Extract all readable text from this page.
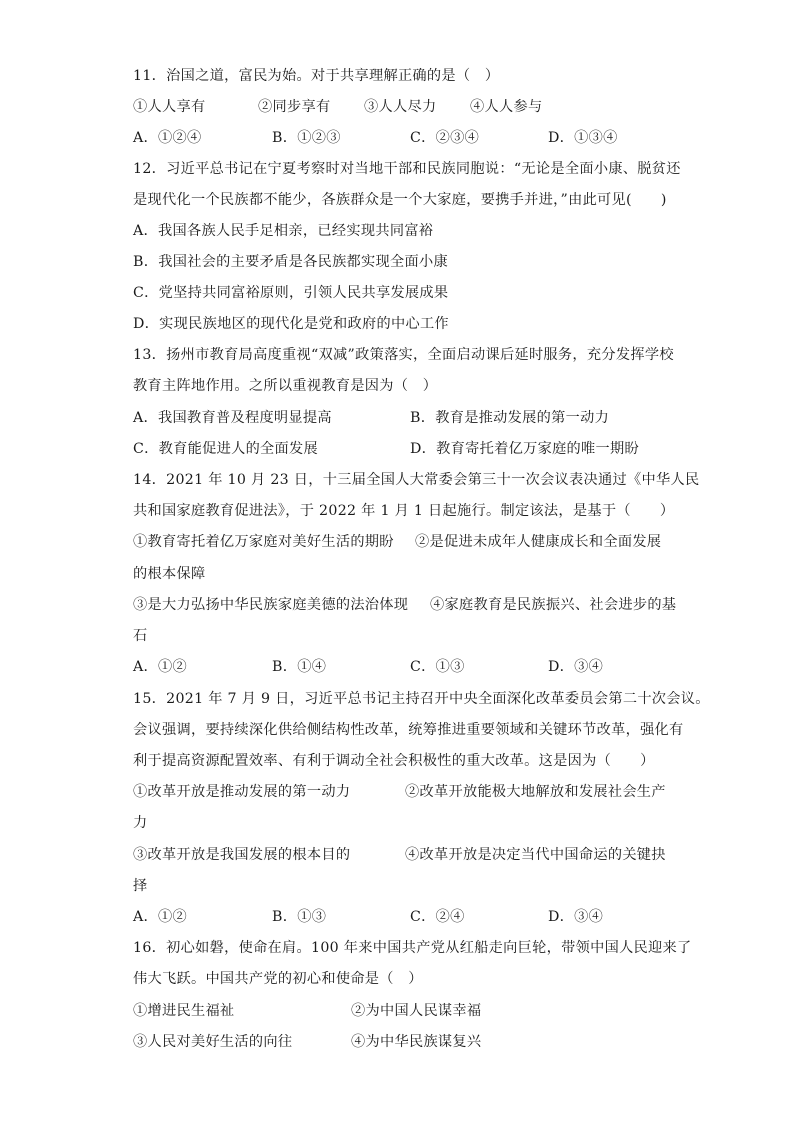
11．治国之道，富民为始。对于共享理解正确的是（　）
①人人享有	②同步享有 ③人人尽力 ④人人参与
A．①②④	B．①②③	C．②③④	D．①③④
12．习近平总书记在宁夏考察时对当地干部和民族同胞说：“无论是全面小康、脱贫还
是现代化一个民族都不能少，各族群众是一个大家庭，要携手并进，”由此可见(　　)
A．我国各族人民手足相亲，已经实现共同富裕
B．我国社会的主要矛盾是各民族都实现全面小康
C．党坚持共同富裕原则，引领人民共享发展成果
D．实现民族地区的现代化是党和政府的中心工作
13．扬州市教育局高度重视“双减”政策落实，全面启动课后延时服务，充分发挥学校
教育主阵地作用。之所以重视教育是因为（　）
A．我国教育普及程度明显提高	B．教育是推动发展的第一动力
C．教育能促进人的全面发展	D．教育寄托着亿万家庭的唯一期盼
14．2021 年 10 月 23 日，十三届全国人大常委会第三十一次会议表决通过《中华人民
共和国家庭教育促进法》，于 2022 年 1 月 1 日起施行。制定该法，是基于（　　）
①教育寄托着亿万家庭对美好生活的期盼 ②是促进未成年人健康成长和全面发展
的根本保障
③是大力弘扬中华民族家庭美德的法治体现 ④家庭教育是民族振兴、社会进步的基
石
A．①②	B．①④	C．①③	D．③④
15．2021 年 7 月 9 日，习近平总书记主持召开中央全面深化改革委员会第二十次会议。
会议强调，要持续深化供给侧结构性改革，统筹推进重要领域和关键环节改革，强化有
利于提高资源配置效率、有利于调动全社会积极性的重大改革。这是因为（　　）
①改革开放是推动发展的第一动力	②改革开放能极大地解放和发展社会生产
力
③改革开放是我国发展的根本目的	④改革开放是决定当代中国命运的关键抉
择
A．①②	B．①③	C．②④	D．③④
16．初心如磐，使命在肩。100 年来中国共产党从红船走向巨轮，带领中国人民迎来了
伟大飞跃。中国共产党的初心和使命是（　）
①增进民生福祉	②为中国人民谋幸福
③人民对美好生活的向往	④为中华民族谋复兴
